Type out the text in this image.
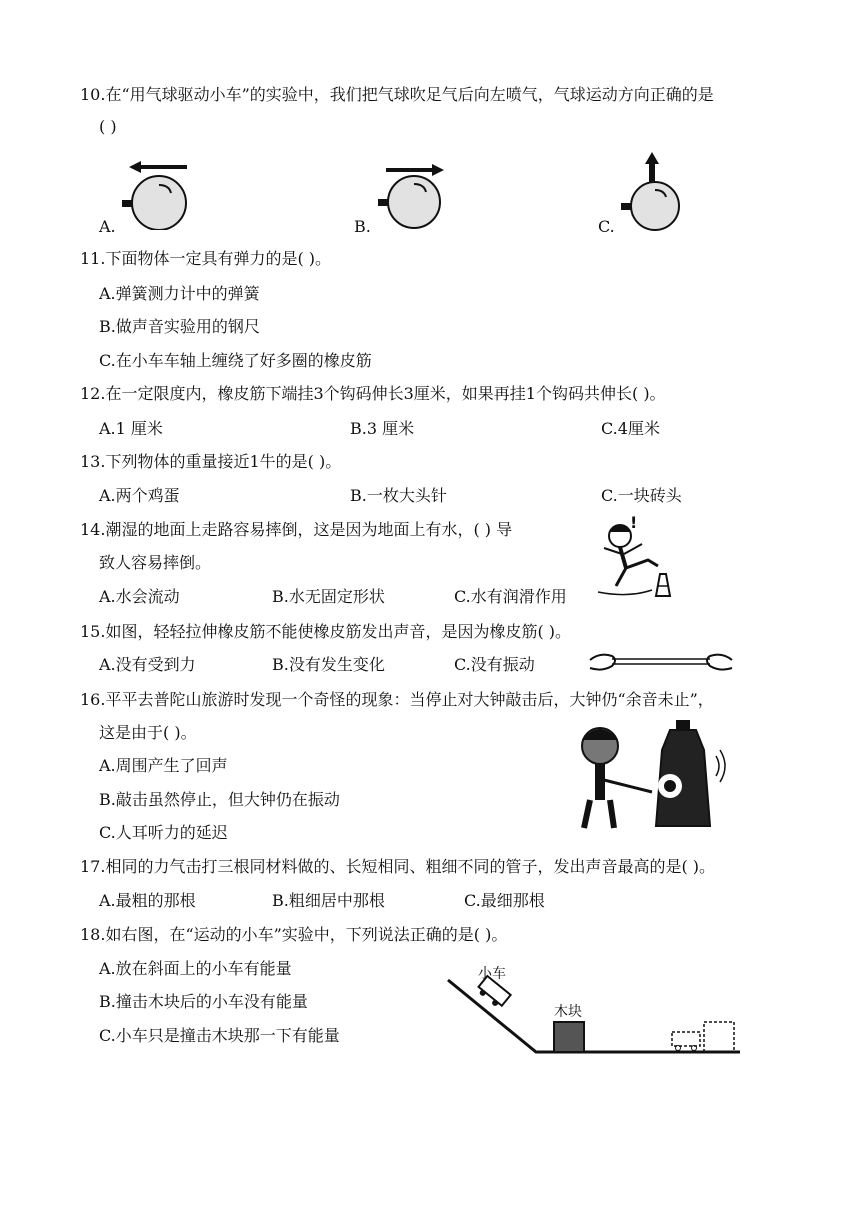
10.在“用气球驱动小车”的实验中，我们把气球吹足气后向左喷气，气球运动方向正确的是
( )
A.	B.	C.
11.下面物体一定具有弹力的是( )。
A.弹簧测力计中的弹簧
B.做声音实验用的钢尺
C.在小车车轴上缠绕了好多圈的橡皮筋
12.在一定限度内，橡皮筋下端挂3个钩码伸长3厘米，如果再挂1个钩码共伸长( )。
A.1 厘米	B.3 厘米	C.4厘米
13.下列物体的重量接近1牛的是( )。
A.两个鸡蛋	B.一枚大头针	C.一块砖头
14.潮湿的地面上走路容易摔倒，这是因为地面上有水，( ) 导
致人容易摔倒。
A.水会流动	B.水无固定形状	C.水有润滑作用
!
15.如图，轻轻拉伸橡皮筋不能使橡皮筋发出声音，是因为橡皮筋( )。
A.没有受到力	B.没有发生变化	C.没有振动
16.平平去普陀山旅游时发现一个奇怪的现象：当停止对大钟敲击后，大钟仍“余音未止”，
这是由于( )。
A.周围产生了回声
B.敲击虽然停止，但大钟仍在振动
C.人耳听力的延迟
17.相同的力气击打三根同材料做的、长短相同、粗细不同的管子，发出声音最高的是( )。
A.最粗的那根	B.粗细居中那根	C.最细那根
18.如右图，在“运动的小车”实验中，下列说法正确的是( )。
A.放在斜面上的小车有能量
B.撞击木块后的小车没有能量
C.小车只是撞击木块那一下有能量
小车
木块
